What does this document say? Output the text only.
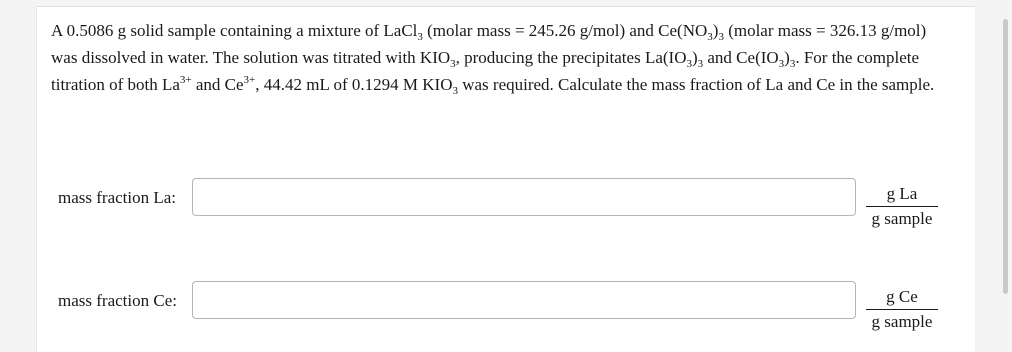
A 0.5086 g solid sample containing a mixture of LaCl$_3$ (molar mass = 245.26 g/mol) and $Ce(NO_3)_3$ (molar mass = 326.13 g/mol) was dissolved in water. The solution was titrated with $KIO_3$, producing the precipitates $La(IO_3)_3$ and $Ce(IO_3)_3$. For the complete titration of both $La^{3+}$ and $Ce^{3+}$, 44.42 mL of 0.1294 M $KIO_3$ was required. Calculate the mass fraction of La and Ce in the sample.
mass fraction La:	g La
g sample
mass fraction Ce:	g Ce
g sample
